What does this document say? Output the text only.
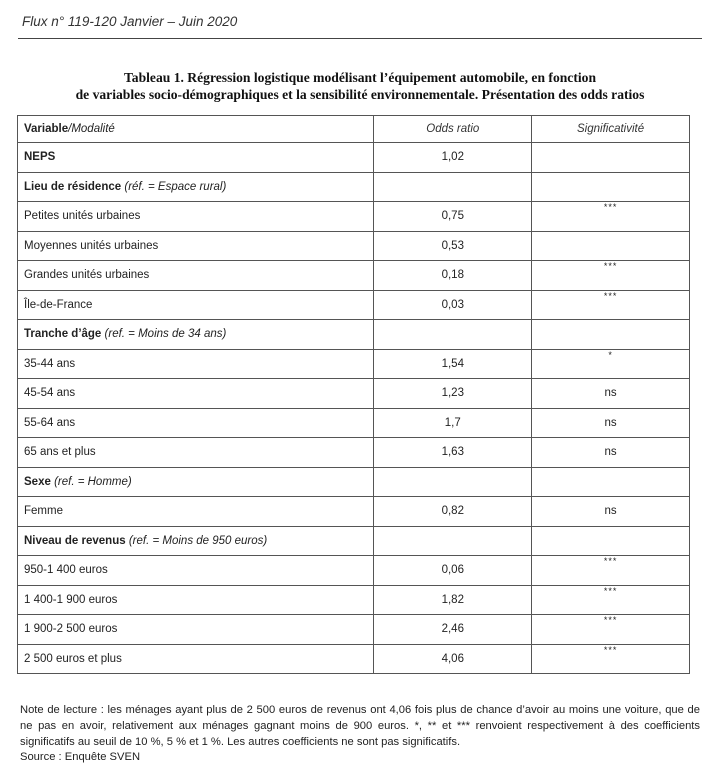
Flux n° 119-120 Janvier – Juin 2020
Tableau 1. Régression logistique modélisant l’équipement automobile, en fonction
de variables socio-démographiques et la sensibilité environnementale. Présentation des odds ratios
Variable/Modalité	Odds ratio	Significativité
NEPS	1,02	
Lieu de résidence (réf. = Espace rural)		
Petites unités urbaines	0,75	***
Moyennes unités urbaines	0,53	
Grandes unités urbaines	0,18	***
Île-de-France	0,03	***
Tranche d’âge (ref. = Moins de 34 ans)		
35-44 ans	1,54	*
45-54 ans	1,23	ns
55-64 ans	1,7	ns
65 ans et plus	1,63	ns
Sexe (ref. = Homme)		
Femme	0,82	ns
Niveau de revenus (ref. = Moins de 950 euros)		
950-1 400 euros	0,06	***
1 400-1 900 euros	1,82	***
1 900-2 500 euros	2,46	***
2 500 euros et plus	4,06	***
Note de lecture : les ménages ayant plus de 2 500 euros de revenus ont 4,06 fois plus de chance d’avoir au moins une voiture, que de ne pas en avoir, relativement aux ménages gagnant moins de 900 euros. *, ** et *** renvoient respectivement à des coefficients significatifs au seuil de 10 %, 5 % et 1 %. Les autres coefficients ne sont pas significatifs.
Source : Enquête SVEN
